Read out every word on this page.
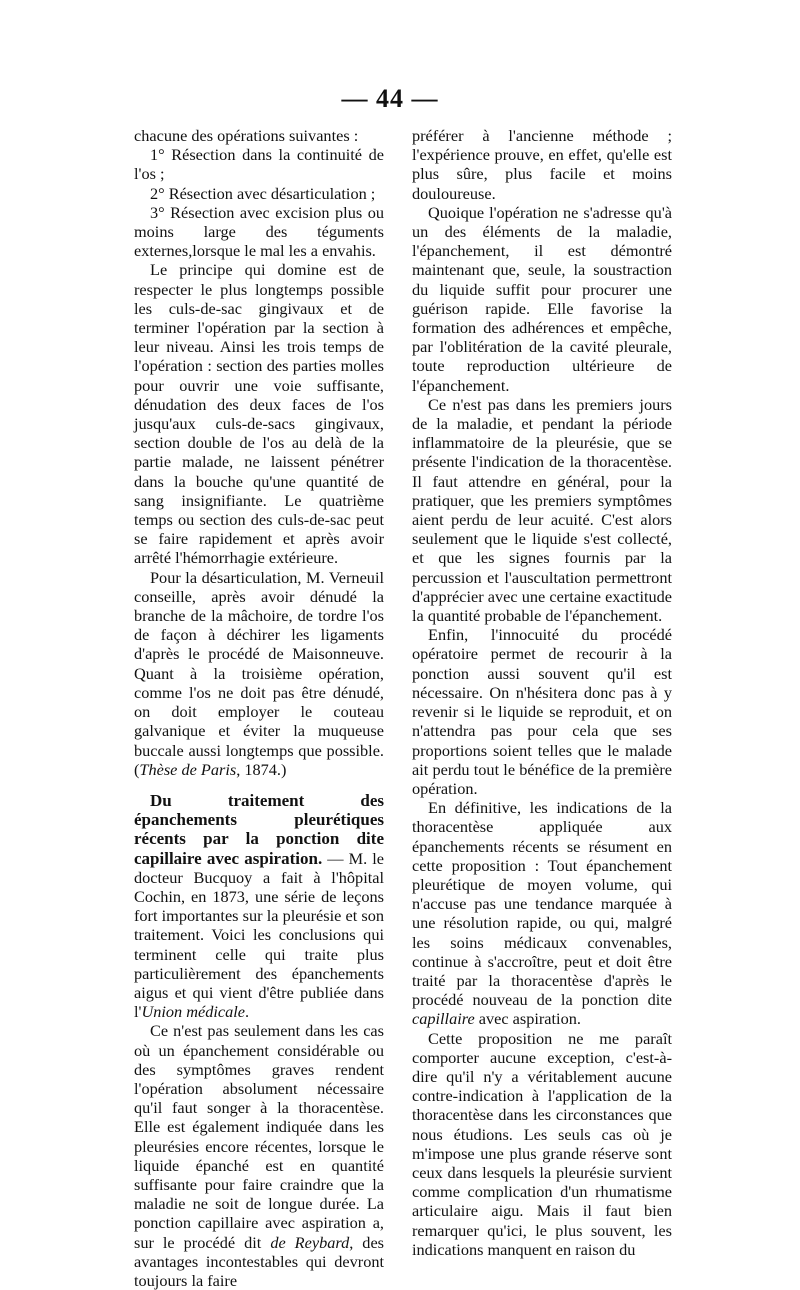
— 44 —

chacune des opérations suivantes :

1° Résection dans la continuité de l'os ;

2° Résection avec désarticulation ;

3° Résection avec excision plus ou moins large des téguments externes,lorsque le mal les a envahis.

Le principe qui domine est de respecter le plus longtemps possible les culs-de-sac gingivaux et de terminer l'opération par la section à leur niveau. Ainsi les trois temps de l'opération : section des parties molles pour ouvrir une voie suffisante, dénudation des deux faces de l'os jusqu'aux culs-de-sacs gingivaux, section double de l'os au delà de la partie malade, ne laissent pénétrer dans la bouche qu'une quantité de sang insignifiante. Le quatrième temps ou section des culs-de-sac peut se faire rapidement et après avoir arrêté l'hémorrhagie extérieure.

Pour la désarticulation, M. Verneuil conseille, après avoir dénudé la branche de la mâchoire, de tordre l'os de façon à déchirer les ligaments d'après le procédé de Maisonneuve. Quant à la troisième opération, comme l'os ne doit pas être dénudé, on doit employer le couteau galvanique et éviter la muqueuse buccale aussi longtemps que possible. (Thèse de Paris, 1874.)

Du traitement des épanchements pleurétiques récents par la ponction dite capillaire avec aspiration. — M. le docteur Bucquoy a fait à l'hôpital Cochin, en 1873, une série de leçons fort importantes sur la pleurésie et son traitement. Voici les conclusions qui terminent celle qui traite plus particulièrement des épanchements aigus et qui vient d'être publiée dans l'Union médicale.

Ce n'est pas seulement dans les cas où un épanchement considérable ou des symptômes graves rendent l'opération absolument nécessaire qu'il faut songer à la thoracentèse. Elle est également indiquée dans les pleurésies encore récentes, lorsque le liquide épanché est en quantité suffisante pour faire craindre que la maladie ne soit de longue durée. La ponction capillaire avec aspiration a, sur le procédé dit de Reybard, des avantages incontestables qui devront toujours la faire

préférer à l'ancienne méthode ; l'expérience prouve, en effet, qu'elle est plus sûre, plus facile et moins douloureuse.

Quoique l'opération ne s'adresse qu'à un des éléments de la maladie, l'épanchement, il est démontré maintenant que, seule, la soustraction du liquide suffit pour procurer une guérison rapide. Elle favorise la formation des adhérences et empêche, par l'oblitération de la cavité pleurale, toute reproduction ultérieure de l'épanchement.

Ce n'est pas dans les premiers jours de la maladie, et pendant la période inflammatoire de la pleurésie, que se présente l'indication de la thoracentèse. Il faut attendre en général, pour la pratiquer, que les premiers symptômes aient perdu de leur acuité. C'est alors seulement que le liquide s'est collecté, et que les signes fournis par la percussion et l'auscultation permettront d'apprécier avec une certaine exactitude la quantité probable de l'épanchement.

Enfin, l'innocuité du procédé opératoire permet de recourir à la ponction aussi souvent qu'il est nécessaire. On n'hésitera donc pas à y revenir si le liquide se reproduit, et on n'attendra pas pour cela que ses proportions soient telles que le malade ait perdu tout le bénéfice de la première opération.

En définitive, les indications de la thoracentèse appliquée aux épanchements récents se résument en cette proposition : Tout épanchement pleurétique de moyen volume, qui n'accuse pas une tendance marquée à une résolution rapide, ou qui, malgré les soins médicaux convenables, continue à s'accroître, peut et doit être traité par la thoracentèse d'après le procédé nouveau de la ponction dite capillaire avec aspiration.

Cette proposition ne me paraît comporter aucune exception, c'est-à-dire qu'il n'y a véritablement aucune contre-indication à l'application de la thoracentèse dans les circonstances que nous étudions. Les seuls cas où je m'impose une plus grande réserve sont ceux dans lesquels la pleurésie survient comme complication d'un rhumatisme articulaire aigu. Mais il faut bien remarquer qu'ici, le plus souvent, les indications manquent en raison du
